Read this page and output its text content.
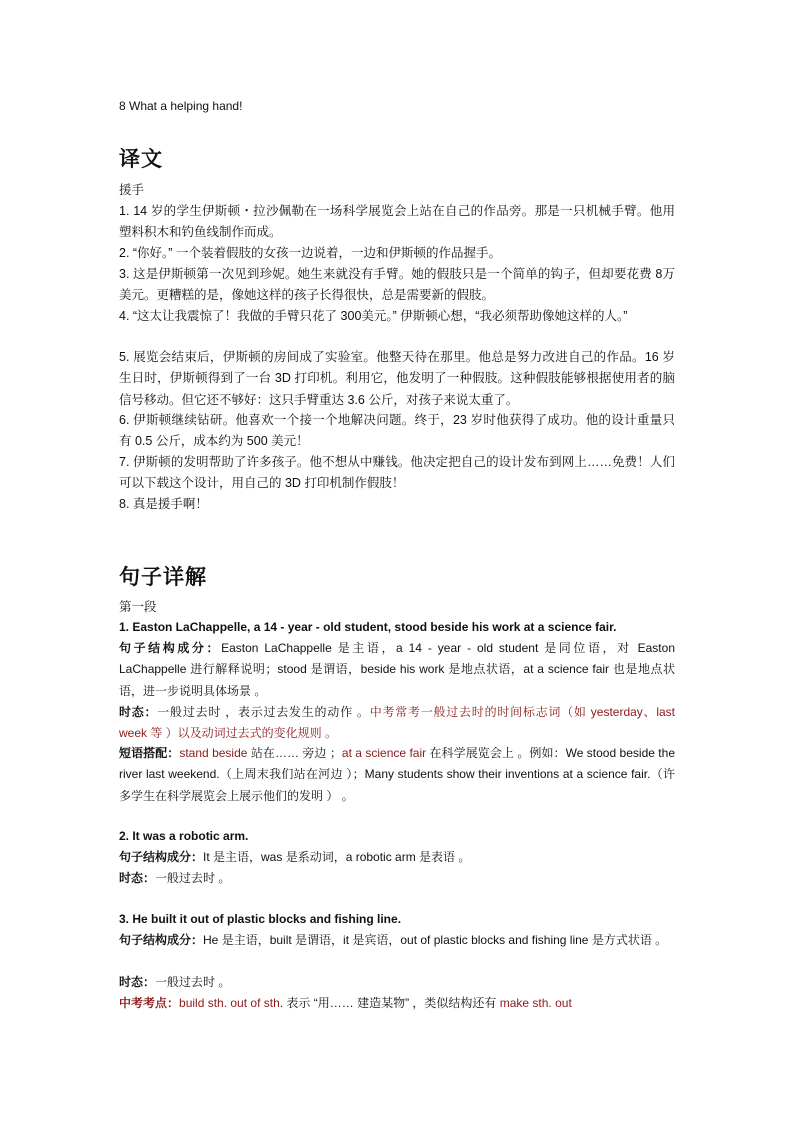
8 What a helping hand!
译文
援手
1. 14 岁的学生伊斯顿・拉沙佩勒在一场科学展览会上站在自己的作品旁。那是一只机械手臂。他用塑料积木和钓鱼线制作而成。
2. “你好。” 一个装着假肢的女孩一边说着，一边和伊斯顿的作品握手。
3. 这是伊斯顿第一次见到珍妮。她生来就没有手臂。她的假肢只是一个简单的钩子，但却要花费 8万美元。更糟糕的是，像她这样的孩子长得很快，总是需要新的假肢。
4. “这太让我震惊了！我做的手臂只花了 300美元。” 伊斯顿心想，“我必须帮助像她这样的人。”
5. 展览会结束后，伊斯顿的房间成了实验室。他整天待在那里。他总是努力改进自己的作品。16 岁生日时，伊斯顿得到了一台 3D 打印机。利用它，他发明了一种假肢。这种假肢能够根据使用者的脑信号移动。但它还不够好：这只手臂重达 3.6 公斤，对孩子来说太重了。
6. 伊斯顿继续钻研。他喜欢一个接一个地解决问题。终于，23 岁时他获得了成功。他的设计重量只有 0.5 公斤，成本约为 500 美元！
7. 伊斯顿的发明帮助了许多孩子。他不想从中赚钱。他决定把自己的设计发布到网上……免费！人们可以下载这个设计，用自己的 3D 打印机制作假肢！
8. 真是援手啊！
句子详解
第一段
1. Easton LaChappelle, a 14 - year - old student, stood beside his work at a science fair.
句子结构成分：Easton LaChappelle 是主语，a 14 - year - old student 是同位语，对 Easton LaChappelle 进行解释说明；stood 是谓语，beside his work 是地点状语，at a science fair 也是地点状语，进一步说明具体场景 。
时态：一般过去时 ，表示过去发生的动作 。中考常考一般过去时的时间标志词（如 yesterday、last week 等 ）以及动词过去式的变化规则 。
短语搭配：stand beside 站在…… 旁边 ；at a science fair 在科学展览会上 。例如：We stood beside the river last weekend.（上周末我们站在河边 ）；Many students show their inventions at a science fair.（许多学生在科学展览会上展示他们的发明 ） 。
2. It was a robotic arm.
句子结构成分：It 是主语，was 是系动词，a robotic arm 是表语 。
时态：一般过去时 。
3. He built it out of plastic blocks and fishing line.
句子结构成分：He 是主语，built 是谓语，it 是宾语，out of plastic blocks and fishing line 是方式状语 。
时态：一般过去时 。
中考考点：build sth. out of sth. 表示 “用…… 建造某物” ，类似结构还有 make sth. out
